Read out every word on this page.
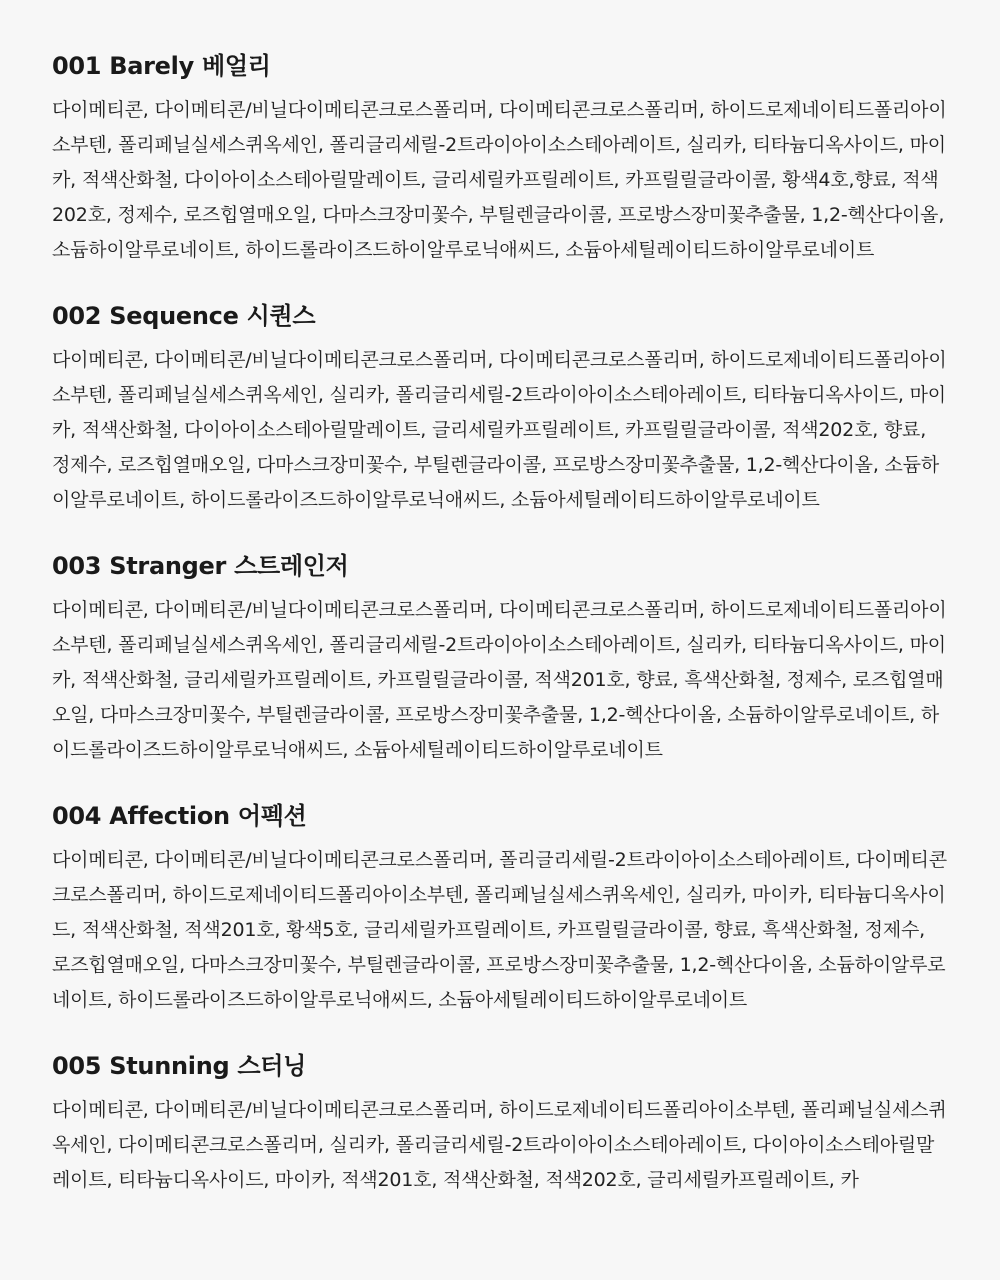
001 Barely 베얼리

다이메티콘, 다이메티콘/비닐다이메티콘크로스폴리머, 다이메티콘크로스폴리머, 하이드로제네이티드폴리아이소부텐, 폴리페닐실세스퀴옥세인, 폴리글리세릴-2트라이아이소스테아레이트, 실리카, 티타늄디옥사이드, 마이카, 적색산화철, 다이아이소스테아릴말레이트, 글리세릴카프릴레이트, 카프릴릴글라이콜, 황색4호,향료, 적색202호, 정제수, 로즈힙열매오일, 다마스크장미꽃수, 부틸렌글라이콜, 프로방스장미꽃추출물, 1,2-헥산다이올, 소듐하이알루로네이트, 하이드롤라이즈드하이알루로닉애씨드, 소듐아세틸레이티드하이알루로네이트

002 Sequence 시퀀스

다이메티콘, 다이메티콘/비닐다이메티콘크로스폴리머, 다이메티콘크로스폴리머, 하이드로제네이티드폴리아이소부텐, 폴리페닐실세스퀴옥세인, 실리카, 폴리글리세릴-2트라이아이소스테아레이트, 티타늄디옥사이드, 마이카, 적색산화철, 다이아이소스테아릴말레이트, 글리세릴카프릴레이트, 카프릴릴글라이콜, 적색202호, 향료, 정제수, 로즈힙열매오일, 다마스크장미꽃수, 부틸렌글라이콜, 프로방스장미꽃추출물, 1,2-헥산다이올, 소듐하이알루로네이트, 하이드롤라이즈드하이알루로닉애씨드, 소듐아세틸레이티드하이알루로네이트

003 Stranger 스트레인저

다이메티콘, 다이메티콘/비닐다이메티콘크로스폴리머, 다이메티콘크로스폴리머, 하이드로제네이티드폴리아이소부텐, 폴리페닐실세스퀴옥세인, 폴리글리세릴-2트라이아이소스테아레이트, 실리카, 티타늄디옥사이드, 마이카, 적색산화철, 글리세릴카프릴레이트, 카프릴릴글라이콜, 적색201호, 향료, 흑색산화철, 정제수, 로즈힙열매오일, 다마스크장미꽃수, 부틸렌글라이콜, 프로방스장미꽃추출물, 1,2-헥산다이올, 소듐하이알루로네이트, 하이드롤라이즈드하이알루로닉애씨드, 소듐아세틸레이티드하이알루로네이트

004 Affection 어펙션

다이메티콘, 다이메티콘/비닐다이메티콘크로스폴리머, 폴리글리세릴-2트라이아이소스테아레이트, 다이메티콘크로스폴리머, 하이드로제네이티드폴리아이소부텐, 폴리페닐실세스퀴옥세인, 실리카, 마이카, 티타늄디옥사이드, 적색산화철, 적색201호, 황색5호, 글리세릴카프릴레이트, 카프릴릴글라이콜, 향료, 흑색산화철, 정제수, 로즈힙열매오일, 다마스크장미꽃수, 부틸렌글라이콜, 프로방스장미꽃추출물, 1,2-헥산다이올, 소듐하이알루로네이트, 하이드롤라이즈드하이알루로닉애씨드, 소듐아세틸레이티드하이알루로네이트

005 Stunning 스터닝

다이메티콘, 다이메티콘/비닐다이메티콘크로스폴리머, 하이드로제네이티드폴리아이소부텐, 폴리페닐실세스퀴옥세인, 다이메티콘크로스폴리머, 실리카, 폴리글리세릴-2트라이아이소스테아레이트, 다이아이소스테아릴말레이트, 티타늄디옥사이드, 마이카, 적색201호, 적색산화철, 적색202호, 글리세릴카프릴레이트, 카
